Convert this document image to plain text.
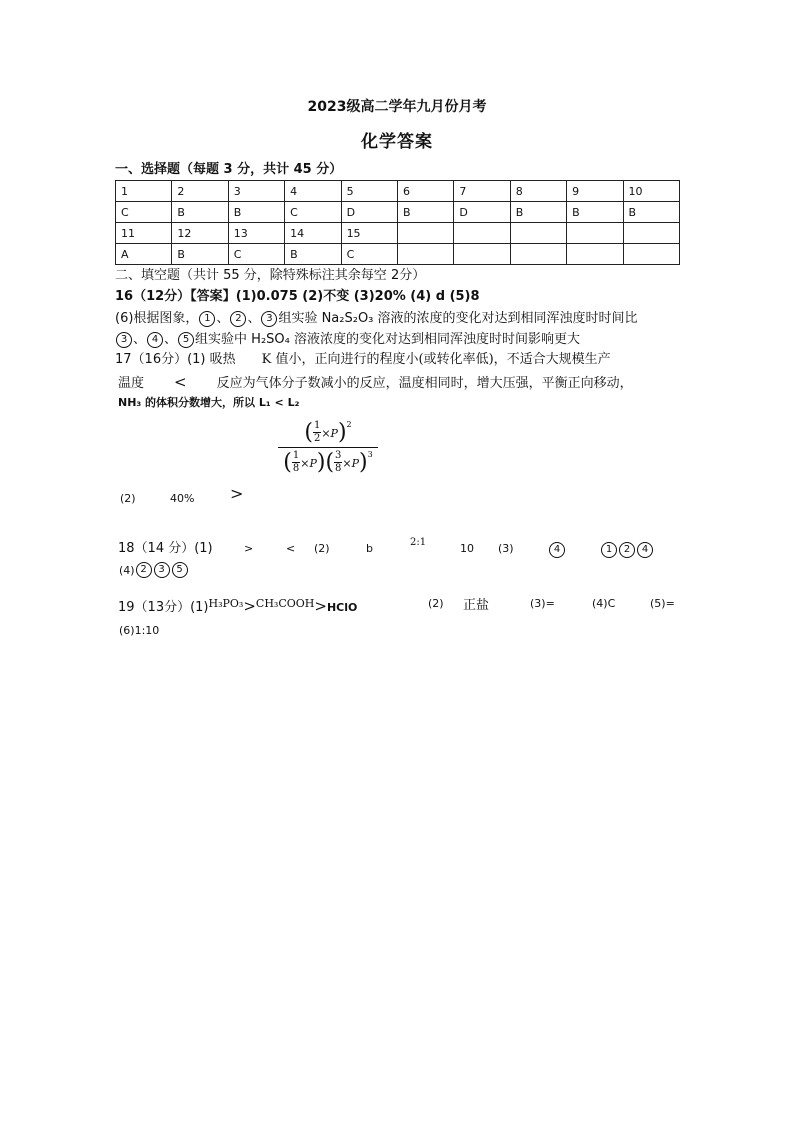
2023级高二学年九月份月考
化学答案
一、选择题（每题 3 分，共计 45 分）
1	2	3	4	5	6	7	8	9	10
C	B	B	C	D	B	D	B	B	B
11	12	13	14	15					
A	B	C	B	C					
二、填空题（共计 55 分，除特殊标注其余每空 2分）
16（12分）【答案】(1)0.075 (2)不变 (3)20% (4) d (5)8
(6)根据图象， 1 、 2 、 3 组实验 Na₂S₂O₃ 溶液的浓度的变化对达到相同浑浊度时时间比
3 、 4 、 5 组实验中 H₂SO₄ 溶液浓度的变化对达到相同浑浊度时时间影响更大
17（16分）(1) 吸热 K 值小，正向进行的程度小(或转化率低)，不适合大规模生产
温度 < 反应为气体分子数减小的反应，温度相同时，增大压强，平衡正向移动，
NH₃ 的体积分数增大，所以 L₁ < L₂
(2)	40% >
$\frac{( \frac{1}{2} \times P)^2}{( \frac{1}{8} \times P)( \frac{3}{8} \times P)^3}$
18（14 分）(1)	>	< (2)	b	2:1	10 (3)	4	1 2 4
(4) 2 3 5
19（13分）$(1)^{H_3PO_3}>^{CH_3COOH}>HClO$	(2) 正盐	(3)=	(4)C	(5)=
(6)1:10
